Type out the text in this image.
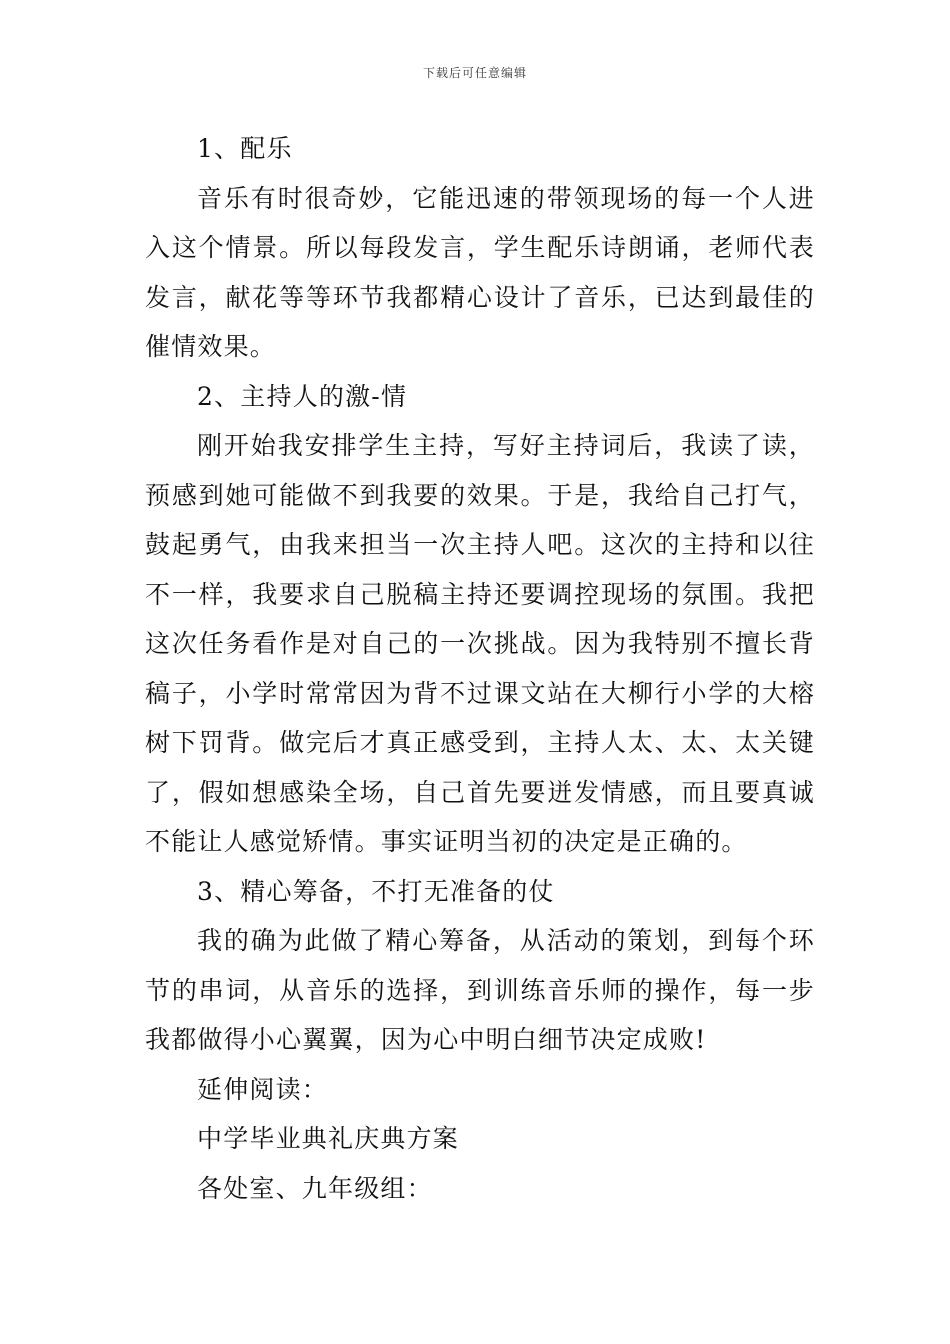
下载后可任意编辑

1、配乐

音乐有时很奇妙，它能迅速的带领现场的每一个人进入这个情景。所以每段发言，学生配乐诗朗诵，老师代表发言，献花等等环节我都精心设计了音乐，已达到最佳的催情效果。

2、主持人的激-情

刚开始我安排学生主持，写好主持词后，我读了读，预感到她可能做不到我要的效果。于是，我给自己打气，鼓起勇气，由我来担当一次主持人吧。这次的主持和以往不一样，我要求自己脱稿主持还要调控现场的氛围。我把这次任务看作是对自己的一次挑战。因为我特别不擅长背稿子，小学时常常因为背不过课文站在大柳行小学的大榕树下罚背。做完后才真正感受到，主持人太、太、太关键了，假如想感染全场，自己首先要迸发情感，而且要真诚不能让人感觉矫情。事实证明当初的决定是正确的。

3、精心筹备，不打无准备的仗

我的确为此做了精心筹备，从活动的策划，到每个环节的串词，从音乐的选择，到训练音乐师的操作，每一步我都做得小心翼翼，因为心中明白细节决定成败!

延伸阅读：

中学毕业典礼庆典方案

各处室、九年级组：
